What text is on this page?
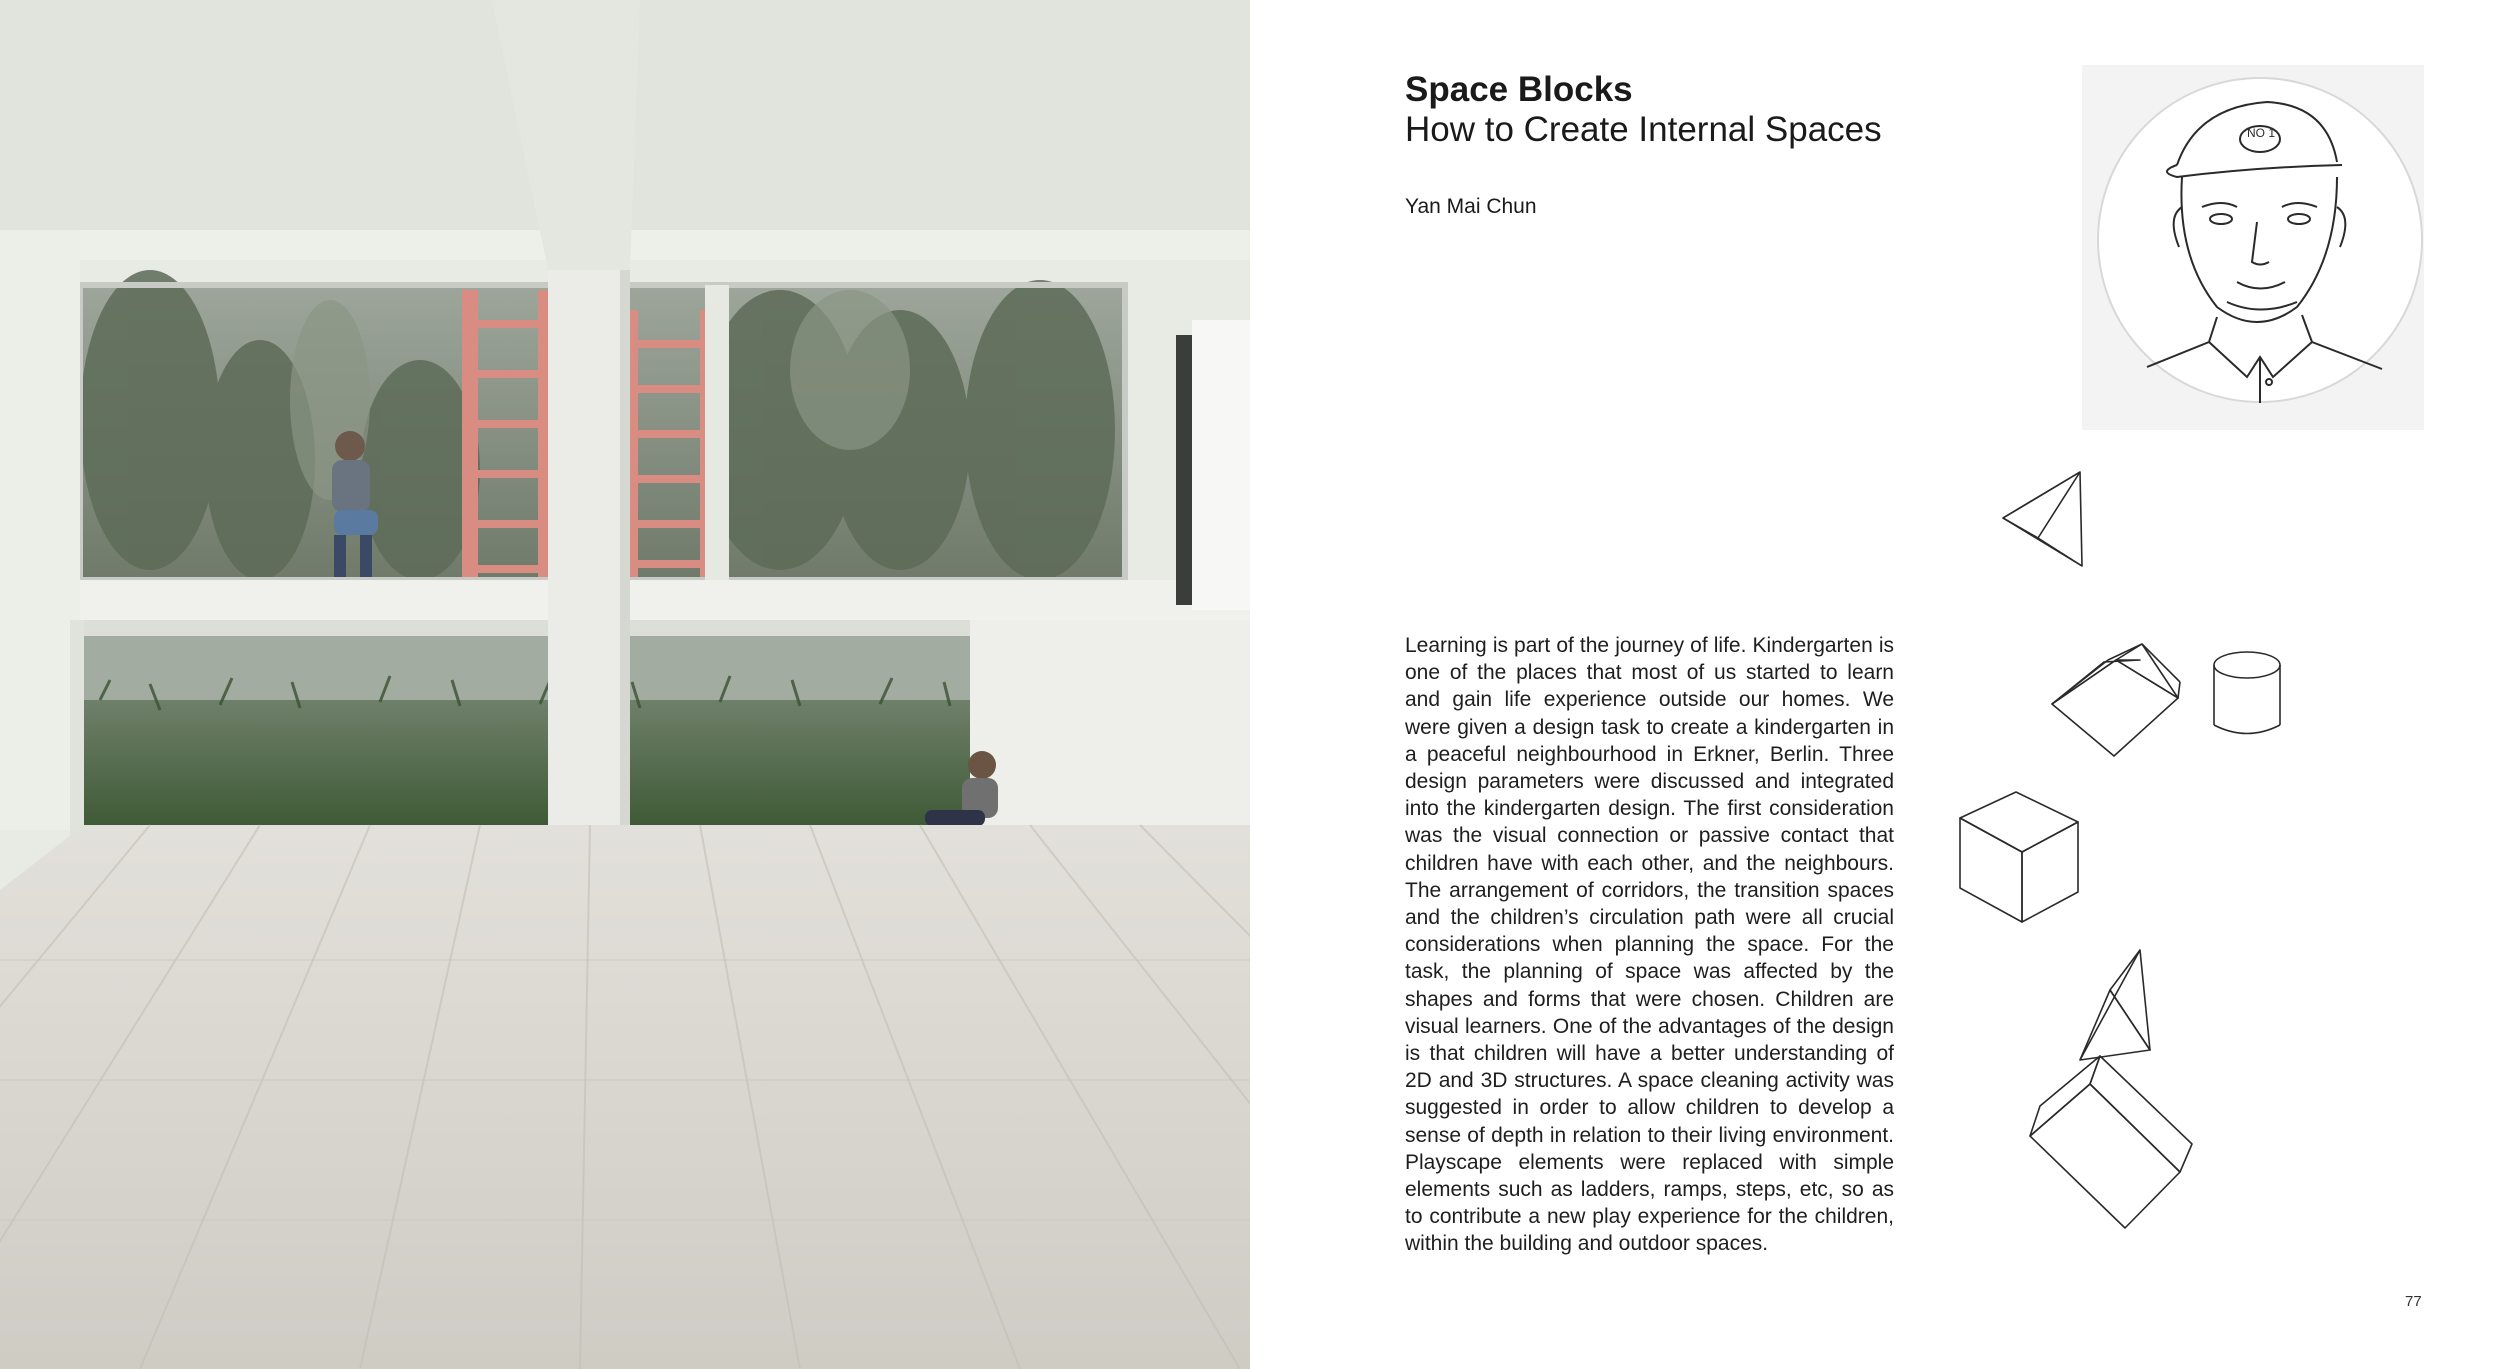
Space Blocks
How to Create Internal Spaces
Yan Mai Chun
NO 1
Learning is part of the journey of life. Kindergarten is one of the places that most of us started to learn and gain life experience outside our homes. We were given a design task to create a kindergarten in a peaceful neighbourhood in Erkner, Berlin. Three design parameters were discussed and integrated into the kindergarten design. The first consideration was the visual connection or passive contact that children have with each other, and the neighbours. The arrangement of corridors, the transition spaces and the children’s circulation path were all crucial considerations when planning the space. For the task, the planning of space was affected by the shapes and forms that were chosen. Children are visual learners. One of the advantages of the design is that children will have a better understanding of 2D and 3D structures. A space cleaning activity was suggested in order to allow children to develop a sense of depth in relation to their living environment. Playscape elements were replaced with simple elements such as ladders, ramps, steps, etc, so as to contribute a new play experience for the children, within the building and outdoor spaces.
77
